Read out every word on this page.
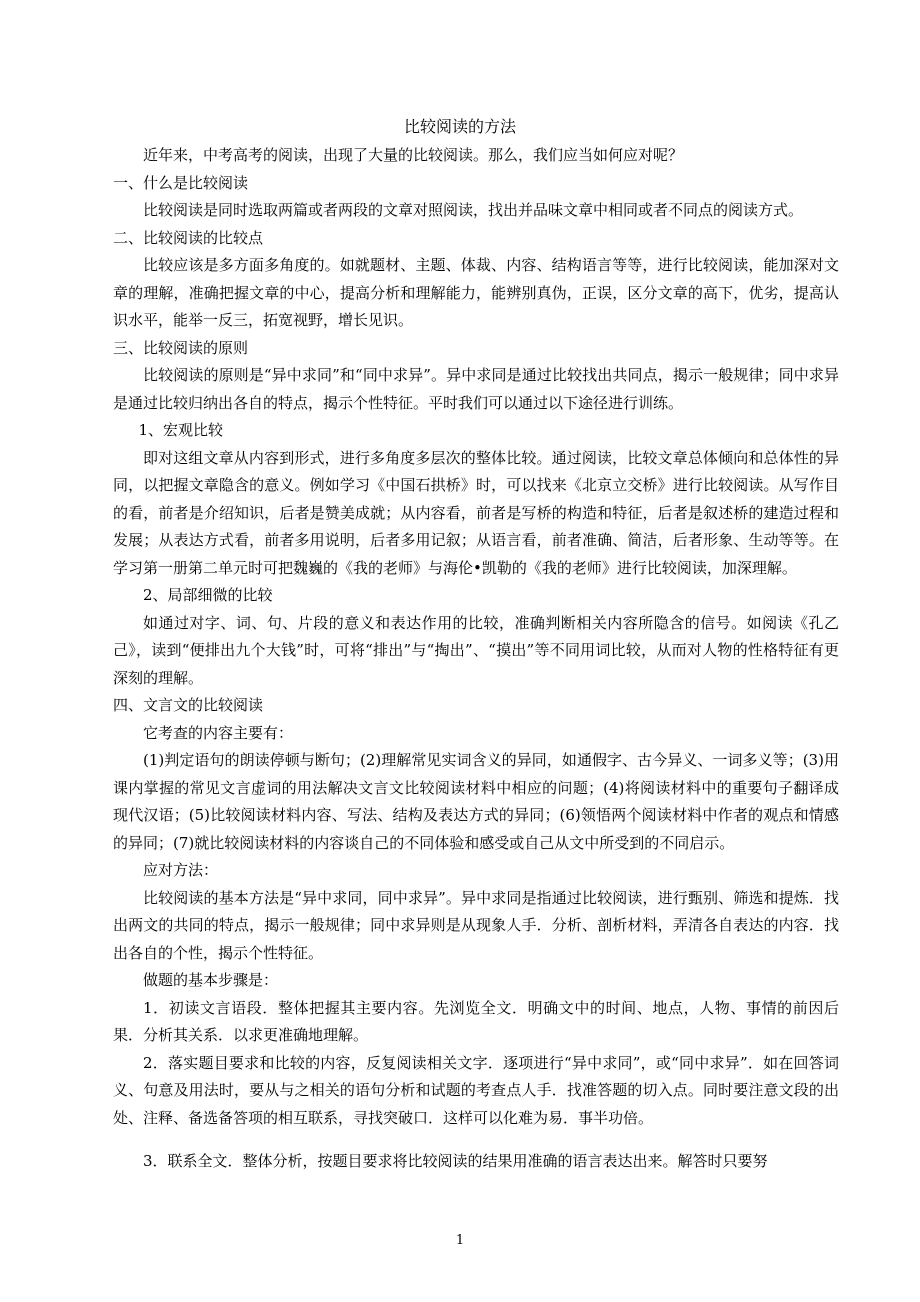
比较阅读的方法

近年来，中考高考的阅读，出现了大量的比较阅读。那么，我们应当如何应对呢？

一、什么是比较阅读

比较阅读是同时选取两篇或者两段的文章对照阅读，找出并品味文章中相同或者不同点的阅读方式。

二、比较阅读的比较点

比较应该是多方面多角度的。如就题材、主题、体裁、内容、结构语言等等，进行比较阅读，能加深对文章的理解，准确把握文章的中心，提高分析和理解能力，能辨别真伪，正误，区分文章的高下，优劣，提高认识水平，能举一反三，拓宽视野，增长见识。

三、比较阅读的原则

比较阅读的原则是“异中求同”和“同中求异”。异中求同是通过比较找出共同点，揭示一般规律；同中求异是通过比较归纳出各自的特点，揭示个性特征。平时我们可以通过以下途径进行训练。

1、宏观比较

即对这组文章从内容到形式，进行多角度多层次的整体比较。通过阅读，比较文章总体倾向和总体性的异同，以把握文章隐含的意义。例如学习《中国石拱桥》时，可以找来《北京立交桥》进行比较阅读。从写作目的看，前者是介绍知识，后者是赞美成就；从内容看，前者是写桥的构造和特征，后者是叙述桥的建造过程和发展；从表达方式看，前者多用说明，后者多用记叙；从语言看，前者准确、简洁，后者形象、生动等等。在学习第一册第二单元时可把魏巍的《我的老师》与海伦•凯勒的《我的老师》进行比较阅读，加深理解。

2、局部细微的比较

如通过对字、词、句、片段的意义和表达作用的比较，准确判断相关内容所隐含的信号。如阅读《孔乙己》，读到“便排出九个大钱”时，可将“排出”与“掏出”、“摸出”等不同用词比较，从而对人物的性格特征有更深刻的理解。

四、文言文的比较阅读

它考查的内容主要有：

(1)判定语句的朗读停顿与断句；(2)理解常见实词含义的异同，如通假字、古今异义、一词多义等；(3)用课内掌握的常见文言虚词的用法解决文言文比较阅读材料中相应的问题；(4)将阅读材料中的重要句子翻译成现代汉语；(5)比较阅读材料内容、写法、结构及表达方式的异同；(6)领悟两个阅读材料中作者的观点和情感的异同；(7)就比较阅读材料的内容谈自己的不同体验和感受或自己从文中所受到的不同启示。

应对方法：

比较阅读的基本方法是“异中求同，同中求异”。异中求同是指通过比较阅读，进行甄别、筛选和提炼．找出两文的共同的特点，揭示一般规律；同中求异则是从现象人手．分析、剖析材料，弄清各自表达的内容．找出各自的个性，揭示个性特征。

做题的基本步骤是：

1．初读文言语段．整体把握其主要内容。先浏览全文．明确文中的时间、地点，人物、事情的前因后果．分析其关系．以求更准确地理解。

2．落实题目要求和比较的内容，反复阅读相关文字．逐项进行“异中求同”，或“同中求异”．如在回答词义、句意及用法时，要从与之相关的语句分析和试题的考查点人手．找准答题的切入点。同时要注意文段的出处、注释、备选备答项的相互联系，寻找突破口．这样可以化难为易．事半功倍。

3．联系全文．整体分析，按题目要求将比较阅读的结果用准确的语言表达出来。解答时只要努

1
